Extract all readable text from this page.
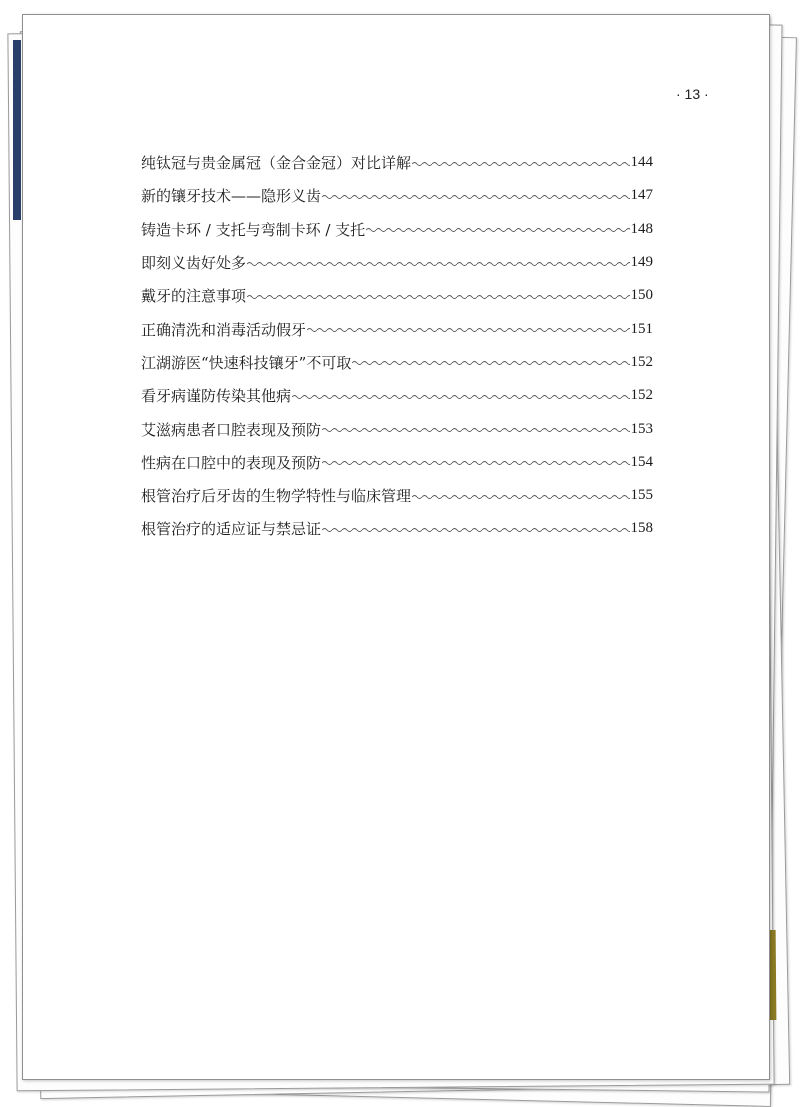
· 13 ·
纯钛冠与贵金属冠（金合金冠）对比详解	144
新的镶牙技术——隐形义齿	147
铸造卡环 / 支托与弯制卡环 / 支托	148
即刻义齿好处多	149
戴牙的注意事项	150
正确清洗和消毒活动假牙	151
江湖游医“快速科技镶牙”不可取	152
看牙病谨防传染其他病	152
艾滋病患者口腔表现及预防	153
性病在口腔中的表现及预防	154
根管治疗后牙齿的生物学特性与临床管理	155
根管治疗的适应证与禁忌证	158
